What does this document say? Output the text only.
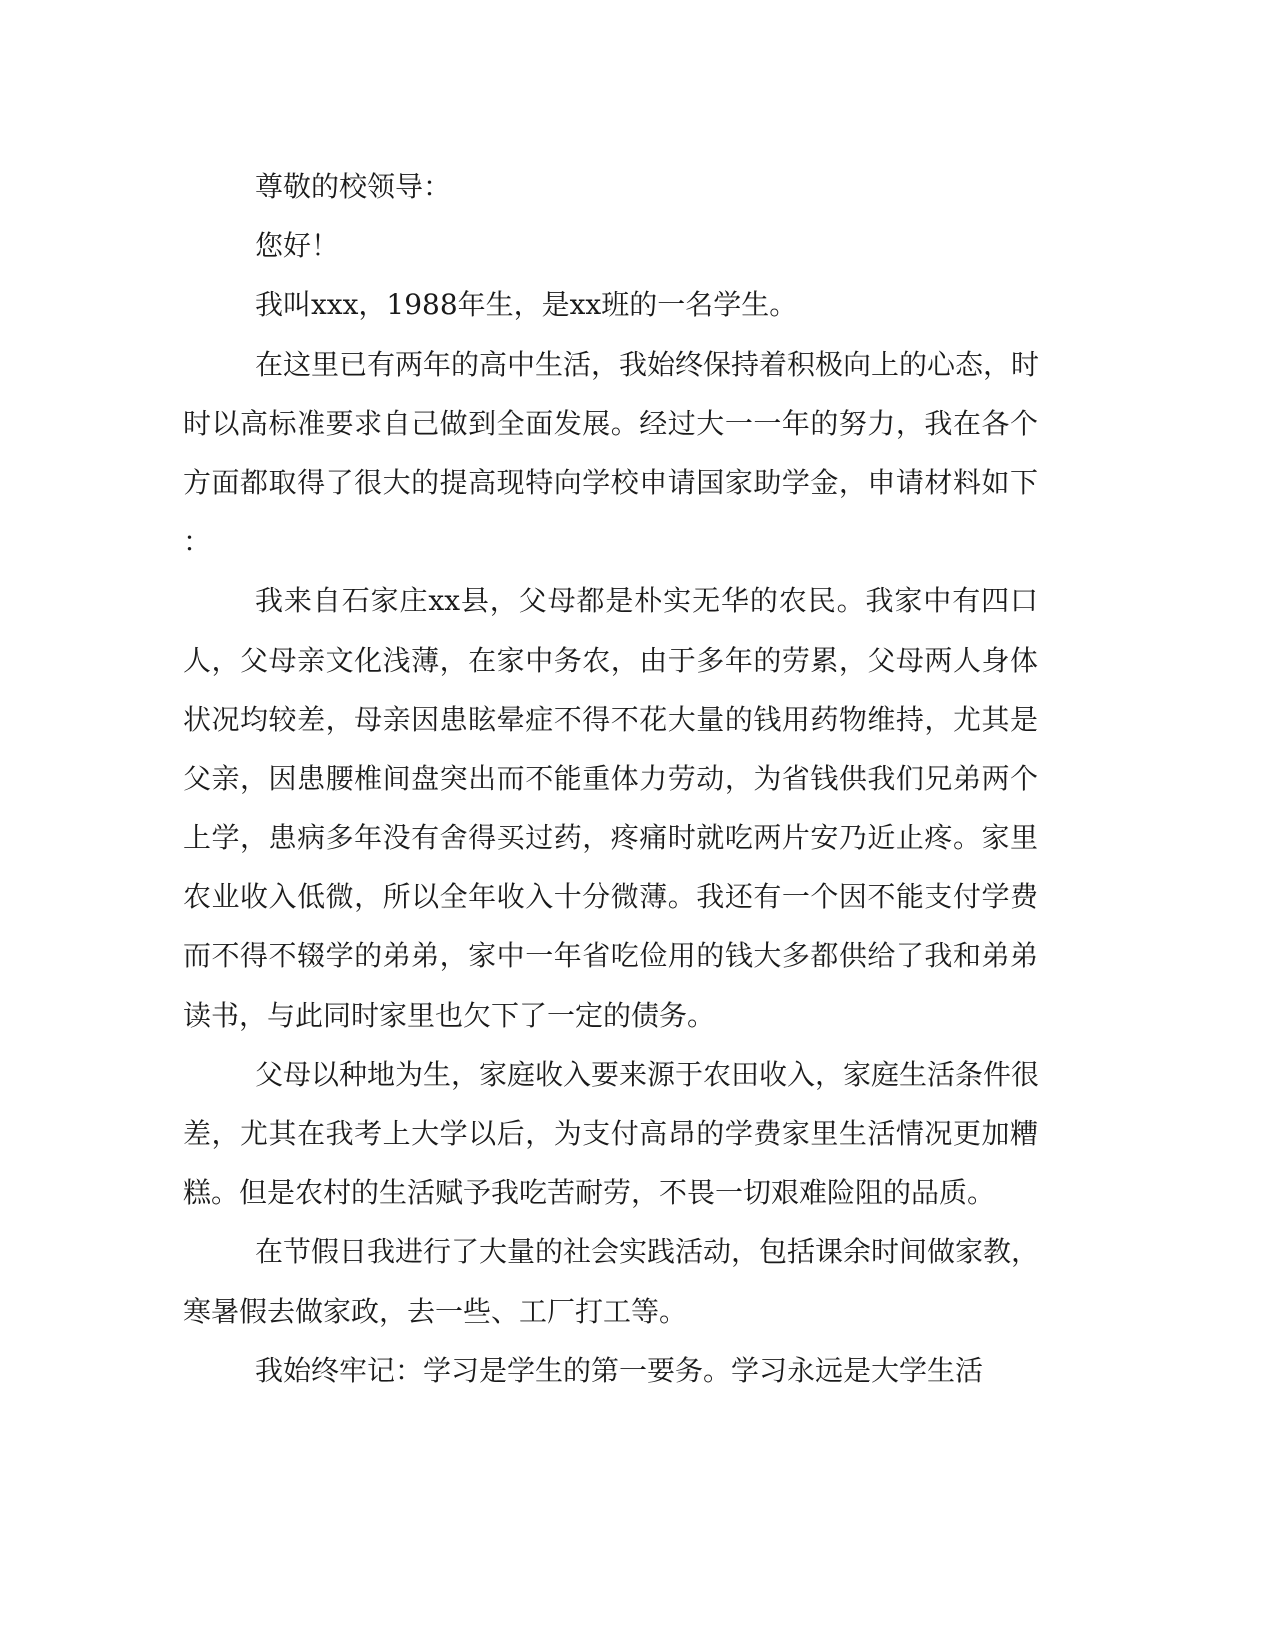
尊敬的校领导：
您好！
我叫xxx，1988年生，是xx班的一名学生。
在这里已有两年的高中生活，我始终保持着积极向上的心态，时
时以高标准要求自己做到全面发展。经过大一一年的努力，我在各个
方面都取得了很大的提高现特向学校申请国家助学金，申请材料如下
：
我来自石家庄xx县，父母都是朴实无华的农民。我家中有四口
人，父母亲文化浅薄，在家中务农，由于多年的劳累，父母两人身体
状况均较差，母亲因患眩晕症不得不花大量的钱用药物维持，尤其是
父亲，因患腰椎间盘突出而不能重体力劳动，为省钱供我们兄弟两个
上学，患病多年没有舍得买过药，疼痛时就吃两片安乃近止疼。家里
农业收入低微，所以全年收入十分微薄。我还有一个因不能支付学费
而不得不辍学的弟弟，家中一年省吃俭用的钱大多都供给了我和弟弟
读书，与此同时家里也欠下了一定的债务。
父母以种地为生，家庭收入要来源于农田收入，家庭生活条件很
差，尤其在我考上大学以后，为支付高昂的学费家里生活情况更加糟
糕。但是农村的生活赋予我吃苦耐劳，不畏一切艰难险阻的品质。
在节假日我进行了大量的社会实践活动，包括课余时间做家教，
寒暑假去做家政，去一些、工厂打工等。
我始终牢记：学习是学生的第一要务。学习永远是大学生活
